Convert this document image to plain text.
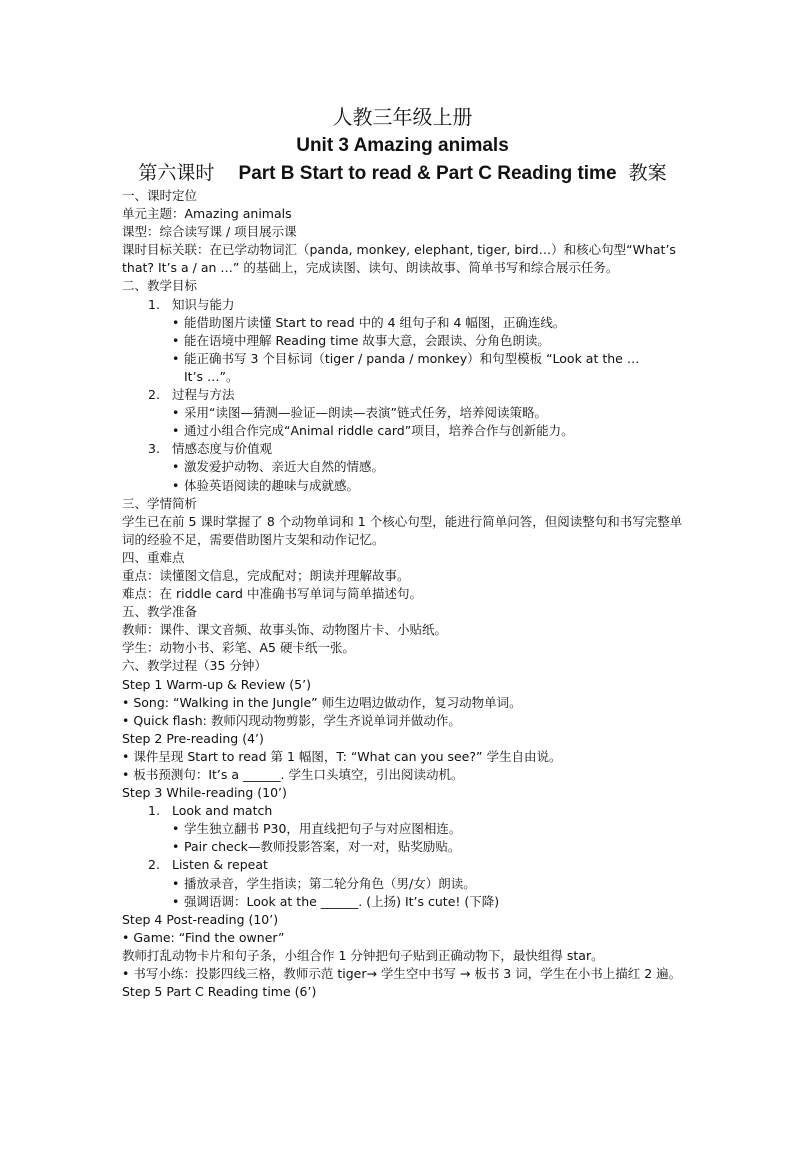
人教三年级上册
Unit 3 Amazing animals
第六课时 Part B Start to read & Part C Reading time 教案
一、课时定位
单元主题：Amazing animals
课型：综合读写课 / 项目展示课
课时目标关联：在已学动物词汇（panda, monkey, elephant, tiger, bird…）和核心句型“What’s that? It’s a / an …” 的基础上，完成读图、读句、朗读故事、简单书写和综合展示任务。
二、教学目标
1. 知识与能力
• 能借助图片读懂 Start to read 中的 4 组句子和 4 幅图，正确连线。
• 能在语境中理解 Reading time 故事大意，会跟读、分角色朗读。
• 能正确书写 3 个目标词（tiger / panda / monkey）和句型模板 “Look at the …
It’s …”。
2. 过程与方法
• 采用“读图—猜测—验证—朗读—表演”链式任务，培养阅读策略。
• 通过小组合作完成“Animal riddle card”项目，培养合作与创新能力。
3. 情感态度与价值观
• 激发爱护动物、亲近大自然的情感。
• 体验英语阅读的趣味与成就感。
三、学情简析
学生已在前 5 课时掌握了 8 个动物单词和 1 个核心句型，能进行简单问答，但阅读整句和书写完整单词的经验不足，需要借助图片支架和动作记忆。
四、重难点
重点：读懂图文信息，完成配对；朗读并理解故事。
难点：在 riddle card 中准确书写单词与简单描述句。
五、教学准备
教师：课件、课文音频、故事头饰、动物图片卡、小贴纸。
学生：动物小书、彩笔、A5 硬卡纸一张。
六、教学过程（35 分钟）
Step 1 Warm-up & Review (5’)
• Song: “Walking in the Jungle” 师生边唱边做动作，复习动物单词。
• Quick flash: 教师闪现动物剪影，学生齐说单词并做动作。
Step 2 Pre-reading (4’)
• 课件呈现 Start to read 第 1 幅图，T: “What can you see?” 学生自由说。
• 板书预测句：It’s a ______. 学生口头填空，引出阅读动机。
Step 3 While-reading (10’)
1. Look and match
• 学生独立翻书 P30，用直线把句子与对应图相连。
• Pair check—教师投影答案，对一对，贴奖励贴。
2. Listen & repeat
• 播放录音，学生指读；第二轮分角色（男/女）朗读。
• 强调语调：Look at the ______. (上扬) It’s cute! (下降)
Step 4 Post-reading (10’)
• Game: “Find the owner”
教师打乱动物卡片和句子条，小组合作 1 分钟把句子贴到正确动物下，最快组得 star。
• 书写小练：投影四线三格，教师示范 tiger→ 学生空中书写 → 板书 3 词，学生在小书上描红 2 遍。
Step 5 Part C Reading time (6’)
